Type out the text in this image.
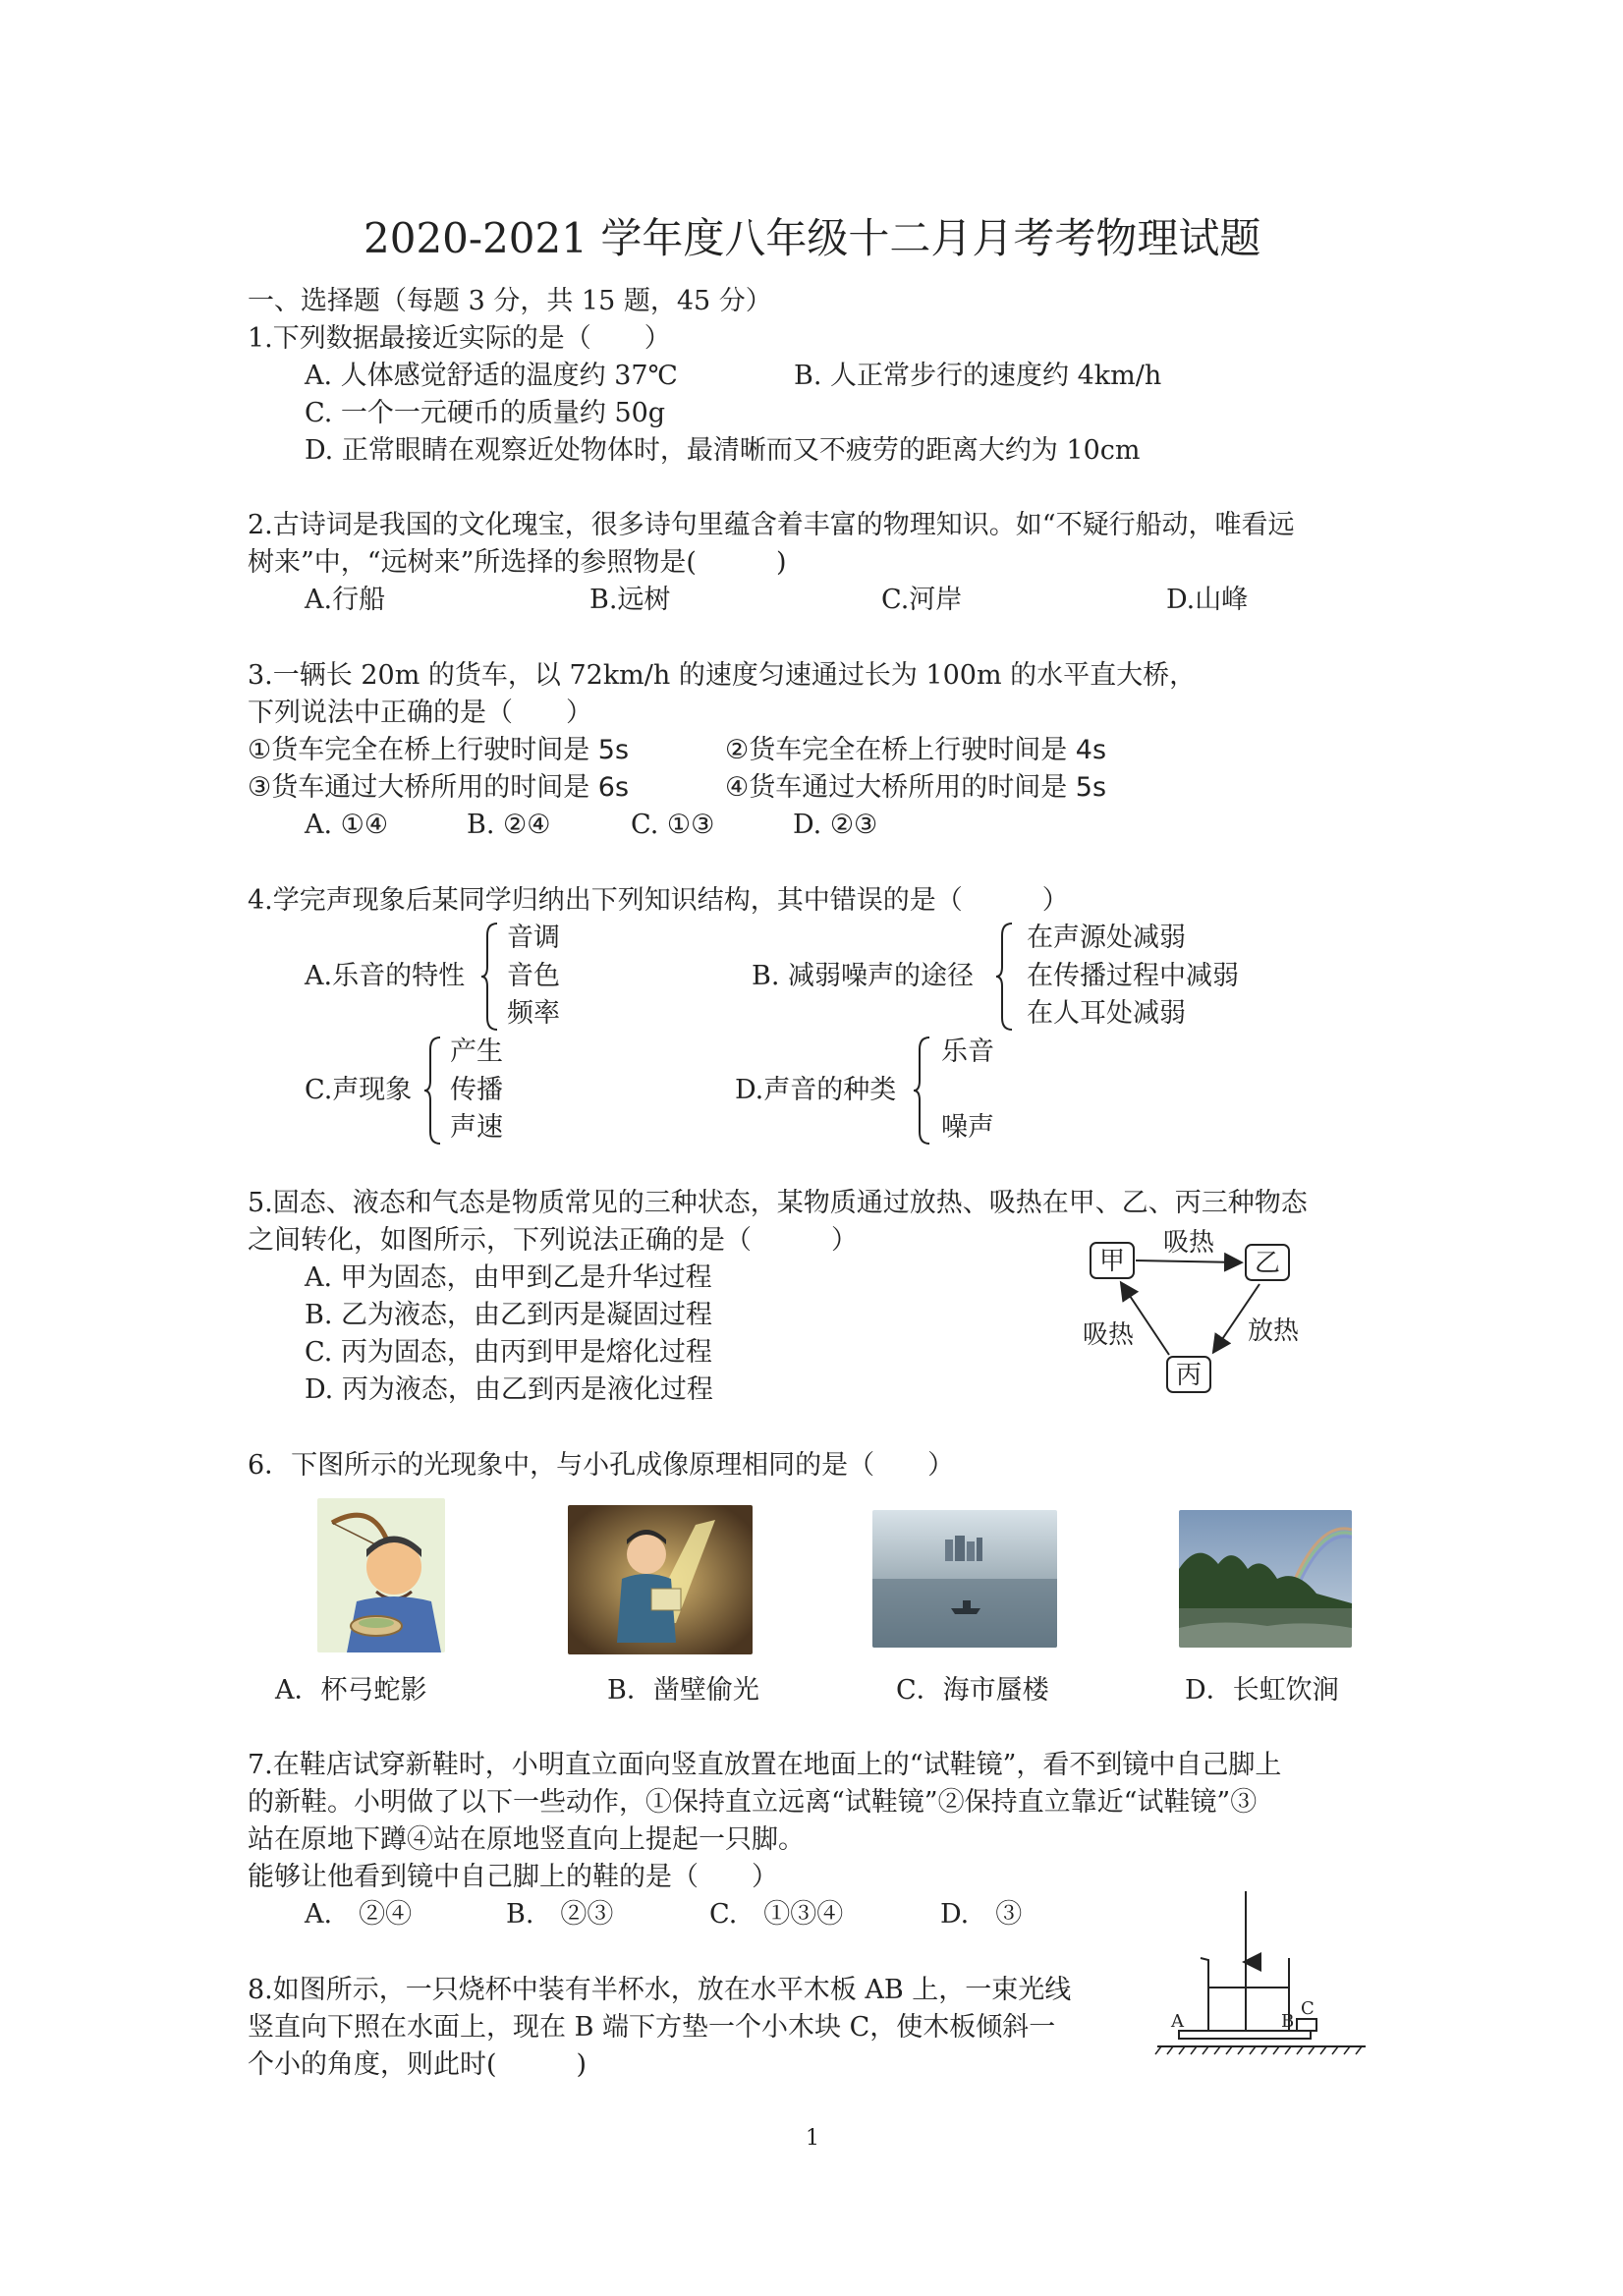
2020-2021 学年度八年级十二月月考考物理试题
一、选择题（每题 3 分，共 15 题，45 分）
1.下列数据最接近实际的是（　　）
A. 人体感觉舒适的温度约 37℃	B. 人正常步行的速度约 4km/h
C. 一个一元硬币的质量约 50g
D. 正常眼睛在观察近处物体时，最清晰而又不疲劳的距离大约为 10cm
2.古诗词是我国的文化瑰宝，很多诗句里蕴含着丰富的物理知识。如“不疑行船动，唯看远
树来”中，“远树来”所选择的参照物是(　　　)
A.行船	B.远树	C.河岸	D.山峰
3.一辆长 20m 的货车，以 72km/h 的速度匀速通过长为 100m 的水平直大桥，
下列说法中正确的是（　　）
①货车完全在桥上行驶时间是 5s	②货车完全在桥上行驶时间是 4s
③货车通过大桥所用的时间是 6s	④货车通过大桥所用的时间是 5s
A. ①④	B. ②④	C. ①③	D. ②③
4.学完声现象后某同学归纳出下列知识结构，其中错误的是（　　　）
A.乐音的特性
音调
音色
频率
B. 减弱噪声的途径
在声源处减弱
在传播过程中减弱
在人耳处减弱
C.声现象
产生
传播
声速
D.声音的种类
乐音
噪声
5.固态、液态和气态是物质常见的三种状态，某物质通过放热、吸热在甲、乙、丙三种物态
之间转化，如图所示，下列说法正确的是（　　　）
A. 甲为固态，由甲到乙是升华过程
B. 乙为液态，由乙到丙是凝固过程
C. 丙为固态，由丙到甲是熔化过程
D. 丙为液态，由乙到丙是液化过程
甲	乙
丙
吸热
吸热	放热
6．下图所示的光现象中，与小孔成像原理相同的是（　　）
A．杯弓蛇影	B．凿壁偷光	C．海市蜃楼	D．长虹饮涧
7.在鞋店试穿新鞋时，小明直立面向竖直放置在地面上的“试鞋镜”，看不到镜中自己脚上
的新鞋。小明做了以下一些动作，①保持直立远离“试鞋镜”②保持直立靠近“试鞋镜”③
站在原地下蹲④站在原地竖直向上提起一只脚。
能够让他看到镜中自己脚上的鞋的是（　　）
A.　②④	B.　②③	C.　①③④	D.　③
8.如图所示，一只烧杯中装有半杯水，放在水平木板 AB 上，一束光线
竖直向下照在水面上，现在 B 端下方垫一个小木块 C，使木板倾斜一
个小的角度，则此时(　　　)
A	B
C
1
